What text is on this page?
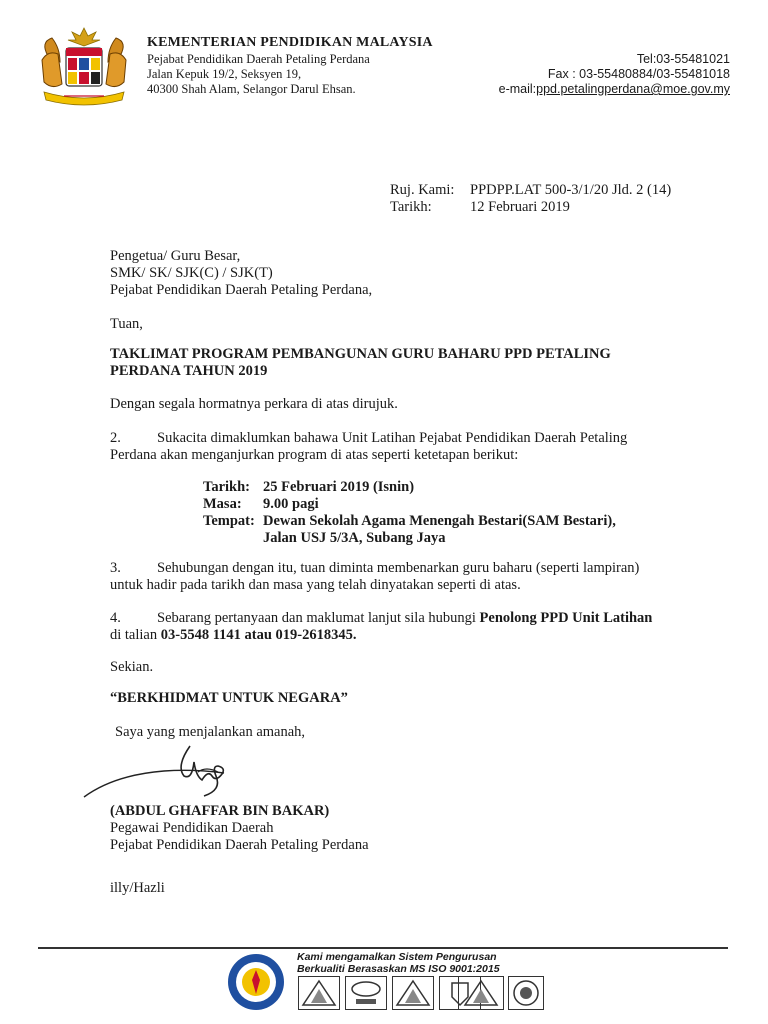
KEMENTERIAN PENDIDIKAN MALAYSIA
Pejabat Pendidikan Daerah Petaling Perdana
Jalan Kepuk 19/2, Seksyen 19,
40300 Shah Alam, Selangor Darul Ehsan.
Tel:03-55481021
Fax : 03-55480884/03-55481018
e-mail:ppd.petalingperdana@moe.gov.my
Ruj. Kami: PPDPP.LAT 500-3/1/20 Jld. 2 (14)
Tarikh:	12 Februari 2019
Pengetua/ Guru Besar,
SMK/ SK/ SJK(C) / SJK(T)
Pejabat Pendidikan Daerah Petaling Perdana,
Tuan,
TAKLIMAT PROGRAM PEMBANGUNAN GURU BAHARU PPD PETALING
PERDANA TAHUN 2019
Dengan segala hormatnya perkara di atas dirujuk.
2. Sukacita dimaklumkan bahawa Unit Latihan Pejabat Pendidikan Daerah Petaling
Perdana akan menganjurkan program di atas seperti ketetapan berikut:
Tarikh: 25 Februari 2019 (Isnin)
Masa: 9.00 pagi
Tempat: Dewan Sekolah Agama Menengah Bestari(SAM Bestari),
Jalan USJ 5/3A, Subang Jaya
3. Sehubungan dengan itu, tuan diminta membenarkan guru baharu (seperti lampiran)
untuk hadir pada tarikh dan masa yang telah dinyatakan seperti di atas.
4. Sebarang pertanyaan dan maklumat lanjut sila hubungi Penolong PPD Unit Latihan
di talian 03-5548 1141 atau 019-2618345.
Sekian.
“BERKHIDMAT UNTUK NEGARA”
Saya yang menjalankan amanah,
(ABDUL GHAFFAR BIN BAKAR)
Pegawai Pendidikan Daerah
Pejabat Pendidikan Daerah Petaling Perdana
illy/Hazli
Kami mengamalkan Sistem Pengurusan
Berkualiti Berasaskan MS ISO 9001:2015
